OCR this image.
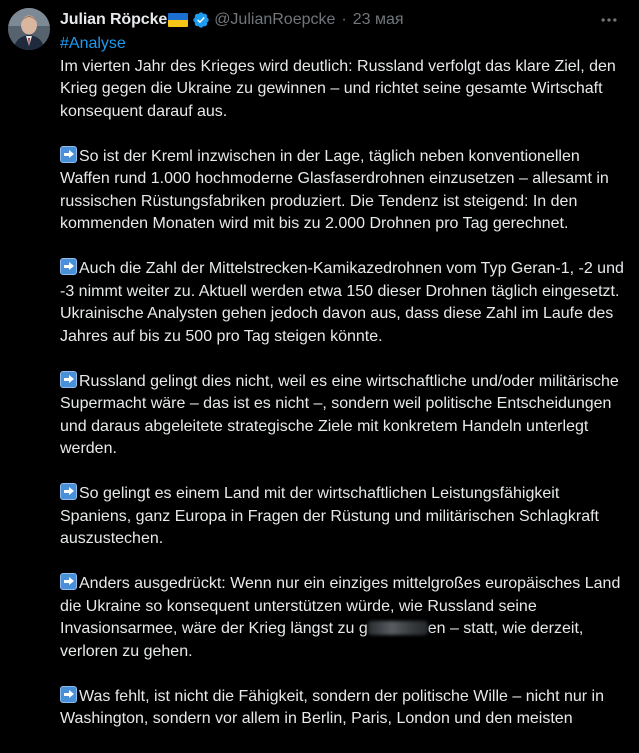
Julian Röpcke	@JulianRoepcke · 23 мая
#Analyse

Im vierten Jahr des Krieges wird deutlich: Russland verfolgt das klare Ziel, den Krieg gegen die Ukraine zu gewinnen – und richtet seine gesamte Wirtschaft konsequent darauf aus.

So ist der Kreml inzwischen in der Lage, täglich neben konventionellen Waffen rund 1.000 hochmoderne Glasfaserdrohnen einzusetzen – allesamt in russischen Rüstungsfabriken produziert. Die Tendenz ist steigend: In den kommenden Monaten wird mit bis zu 2.000 Drohnen pro Tag gerechnet.

Auch die Zahl der Mittelstrecken-Kamikazedrohnen vom Typ Geran-1, -2 und -3 nimmt weiter zu. Aktuell werden etwa 150 dieser Drohnen täglich eingesetzt. Ukrainische Analysten gehen jedoch davon aus, dass diese Zahl im Laufe des Jahres auf bis zu 500 pro Tag steigen könnte.

Russland gelingt dies nicht, weil es eine wirtschaftliche und/oder militärische Supermacht wäre – das ist es nicht –, sondern weil politische Entscheidungen und daraus abgeleitete strategische Ziele mit konkretem Handeln unterlegt werden.

So gelingt es einem Land mit der wirtschaftlichen Leistungsfähigkeit Spaniens, ganz Europa in Fragen der Rüstung und militärischen Schlagkraft auszustechen.

Anders ausgedrückt: Wenn nur ein einziges mittelgroßes europäisches Land die Ukraine so konsequent unterstützen würde, wie Russland seine Invasionsarmee, wäre der Krieg längst zu g	en – statt, wie derzeit, verloren zu gehen.

Was fehlt, ist nicht die Fähigkeit, sondern der politische Wille – nicht nur in Washington, sondern vor allem in Berlin, Paris, London und den meisten
